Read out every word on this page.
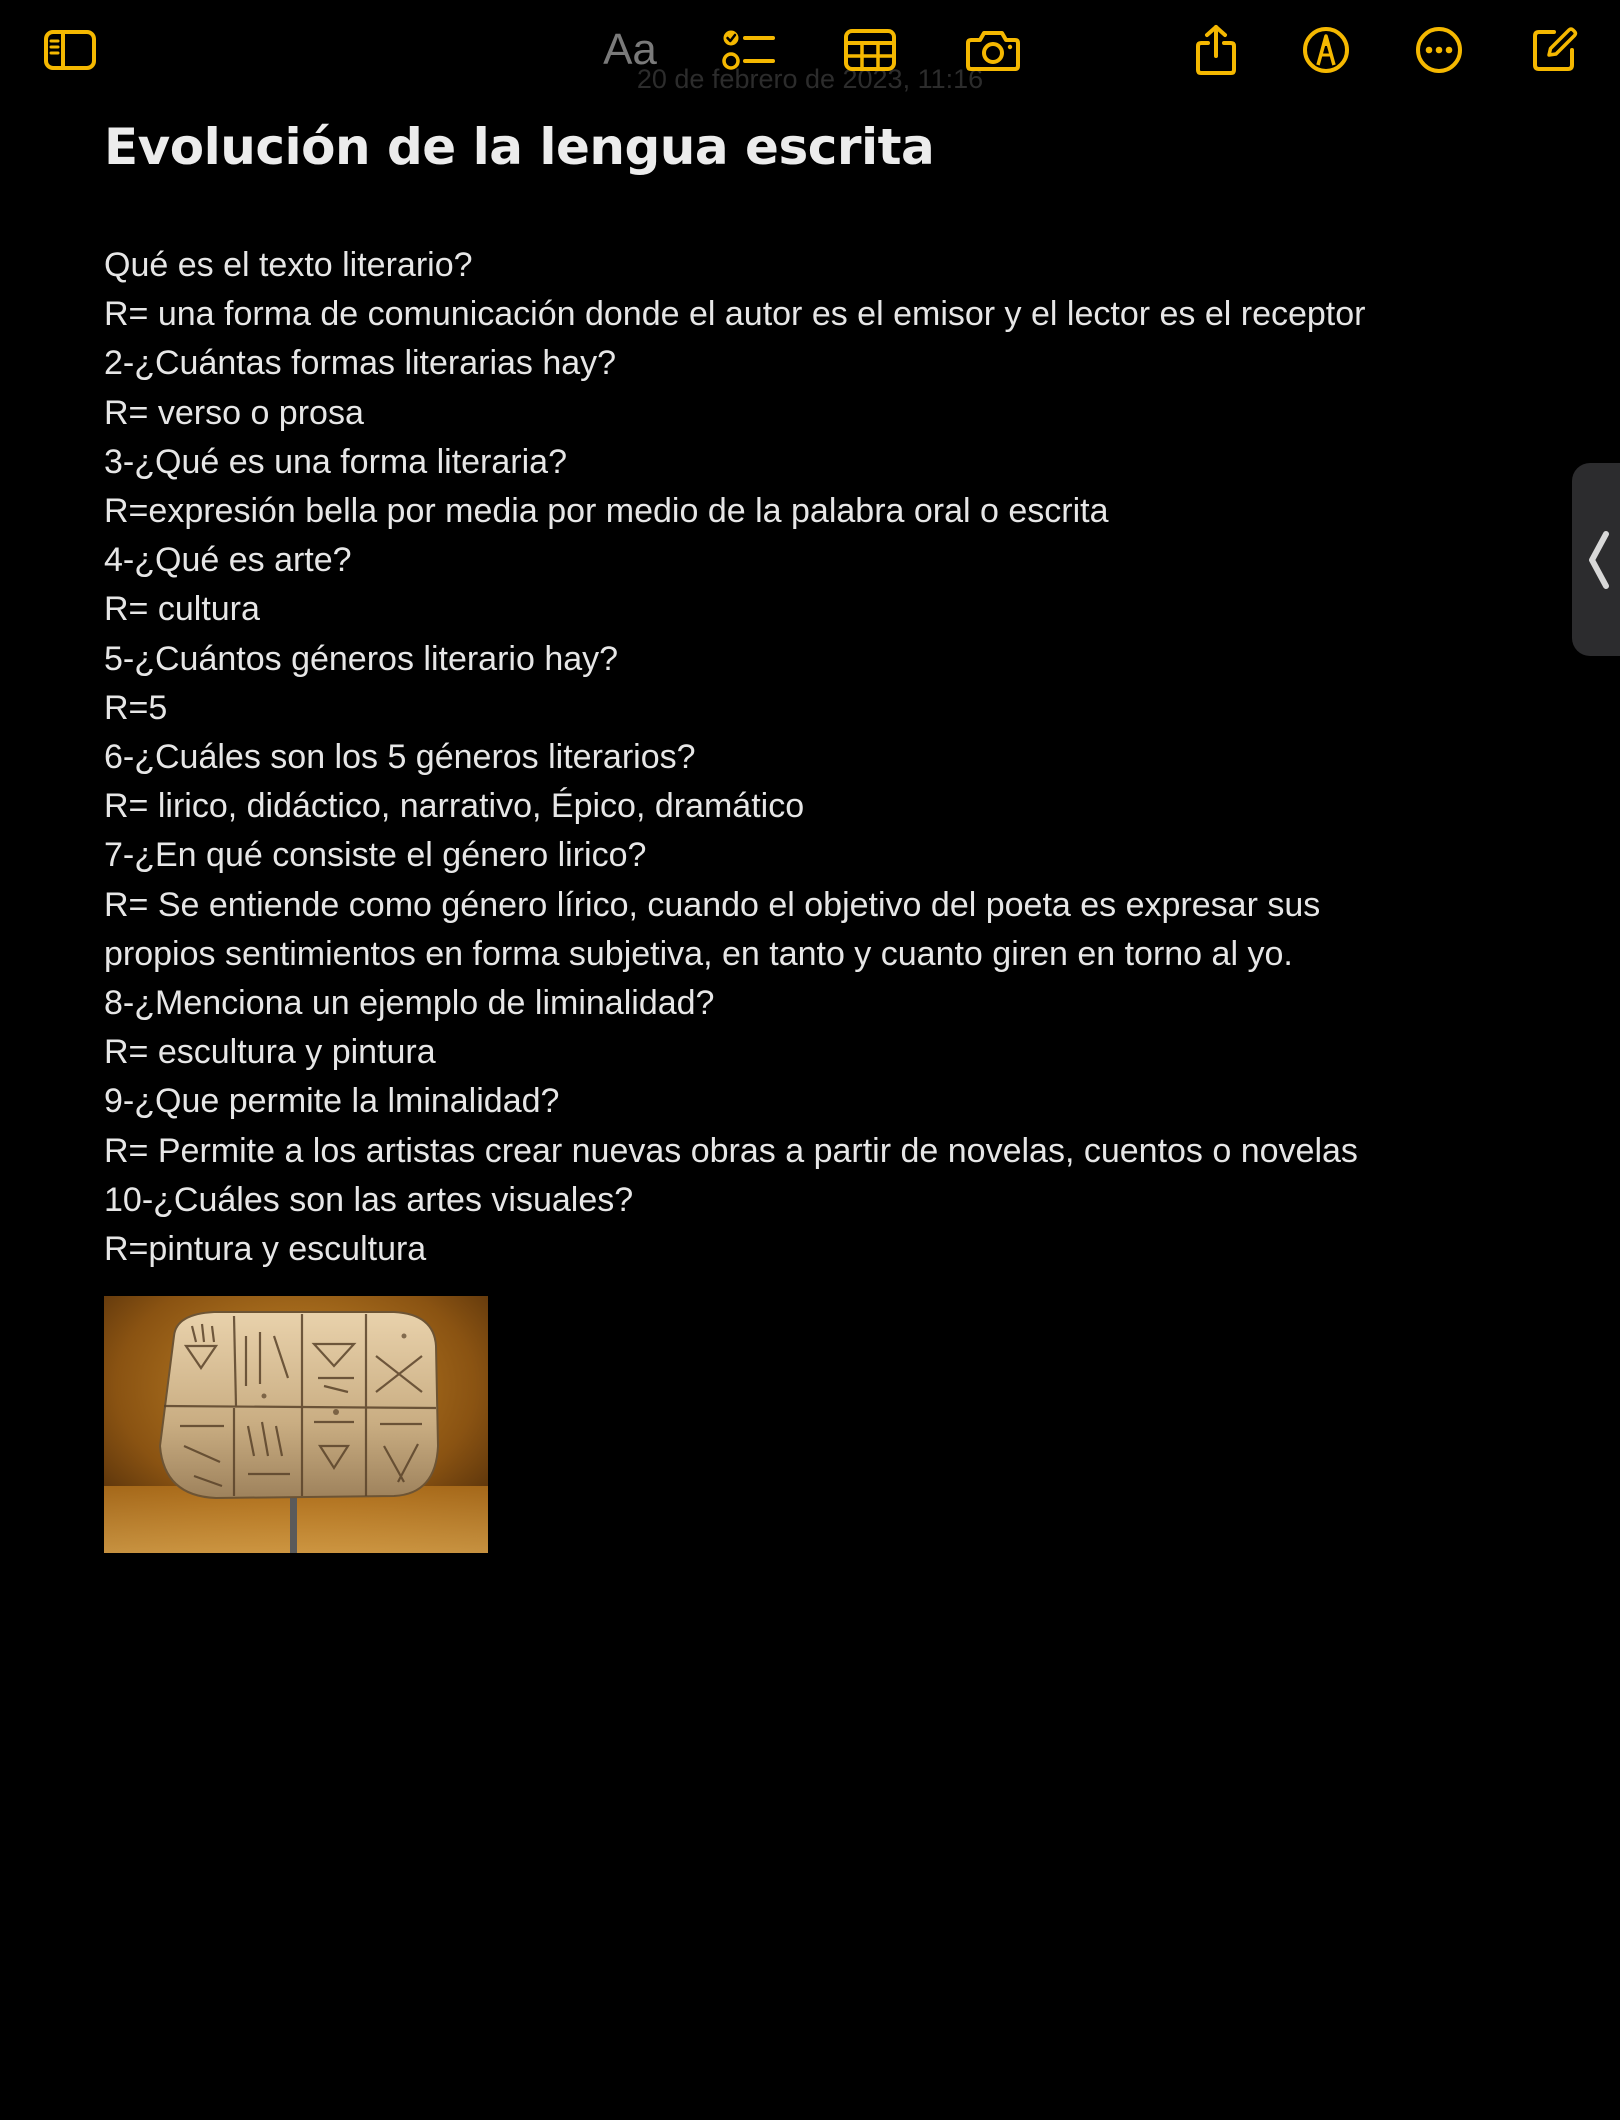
20 de febrero de 2023, 11:16
Aa
Evolución de la lengua escrita
Qué es el texto literario?
R= una forma de comunicación donde el autor es el emisor y el lector es el receptor
2-¿Cuántas formas literarias hay?
R= verso o prosa
3-¿Qué es una forma literaria?
R=expresión bella por media por medio de la palabra oral o escrita
4-¿Qué es arte?
R= cultura
5-¿Cuántos géneros literario hay?
R=5
6-¿Cuáles son los 5 géneros literarios?
R= lirico, didáctico, narrativo, Épico, dramático
7-¿En qué consiste el género lirico?
R= Se entiende como género lírico, cuando el objetivo del poeta es expresar sus
propios sentimientos en forma subjetiva, en tanto y cuanto giren en torno al yo.
8-¿Menciona un ejemplo de liminalidad?
R= escultura y pintura
9-¿Que permite la lminalidad?
R= Permite a los artistas crear nuevas obras a partir de novelas, cuentos o novelas
10-¿Cuáles son las artes visuales?
R=pintura y escultura
